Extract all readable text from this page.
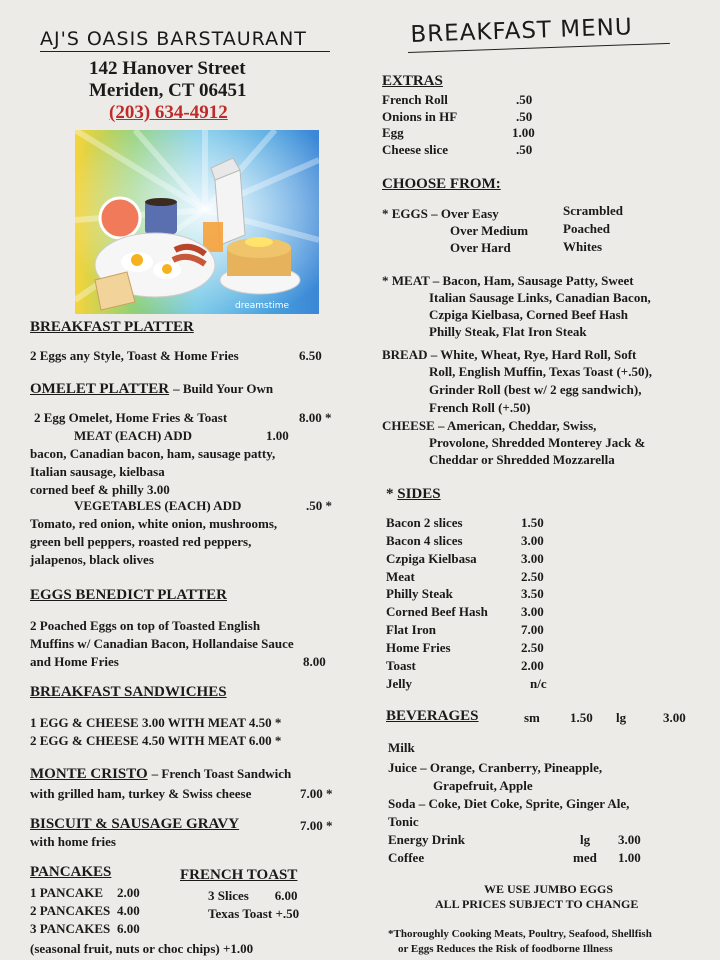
AJ'S OASIS BARSTAURANT
142 Hanover Street
Meriden, CT 06451
(203) 634-4912
dreamstime
BREAKFAST PLATTER
2 Eggs any Style, Toast & Home Fries	6.50
OMELET PLATTER – Build Your Own
2 Egg Omelet, Home Fries & Toast	8.00 *
MEAT (EACH) ADD	1.00
bacon, Canadian bacon, ham, sausage patty,
Italian sausage, kielbasa
corned beef & philly 3.00
VEGETABLES (EACH) ADD	.50 *
Tomato, red onion, white onion, mushrooms,
green bell peppers, roasted red peppers,
jalapenos, black olives
EGGS BENEDICT PLATTER
2 Poached Eggs on top of Toasted English
Muffins w/ Canadian Bacon, Hollandaise Sauce
and Home Fries	8.00
BREAKFAST SANDWICHES
1 EGG & CHEESE 3.00 WITH MEAT 4.50 *
2 EGG & CHEESE 4.50 WITH MEAT 6.00 *
MONTE CRISTO – French Toast Sandwich
with grilled ham, turkey & Swiss cheese	7.00 *
BISCUIT & SAUSAGE GRAVY	7.00 *
with home fries
PANCAKES
1 PANCAKE 2.00
2 PANCAKES 4.00
3 PANCAKES 6.00
(seasonal fruit, nuts or choc chips) +1.00
FRENCH TOAST
3 Slices        6.00
Texas Toast +.50
BREAKFAST MENU
EXTRAS
French Roll	.50
Onions in HF	.50
Egg	1.00
Cheese slice	.50
CHOOSE FROM:
* EGGS – Over Easy
Over Medium
Over Hard
Scrambled
Poached
Whites
* MEAT – Bacon, Ham, Sausage Patty, Sweet
Italian Sausage Links, Canadian Bacon,
Czpiga Kielbasa, Corned Beef Hash
Philly Steak, Flat Iron Steak
BREAD – White, Wheat, Rye, Hard Roll, Soft
Roll, English Muffin, Texas Toast (+.50),
Grinder Roll (best w/ 2 egg sandwich),
French Roll (+.50)
CHEESE – American, Cheddar, Swiss,
Provolone, Shredded Monterey Jack &
Cheddar or Shredded Mozzarella
* SIDES
Bacon 2 slices	1.50
Bacon 4 slices	3.00
Czpiga Kielbasa	3.00
Meat	2.50
Philly Steak	3.50
Corned Beef Hash	3.00
Flat Iron	7.00
Home Fries	2.50
Toast	2.00
Jelly	n/c
BEVERAGES	sm 1.50 lg	3.00
Milk
Juice – Orange, Cranberry, Pineapple,
Grapefruit, Apple
Soda – Coke, Diet Coke, Sprite, Ginger Ale,
Tonic
Energy Drink	lg 3.00
Coffee	med 1.00
WE USE JUMBO EGGS
ALL PRICES SUBJECT TO CHANGE
*Thoroughly Cooking Meats, Poultry, Seafood, Shellfish
or Eggs Reduces the Risk of foodborne Illness
